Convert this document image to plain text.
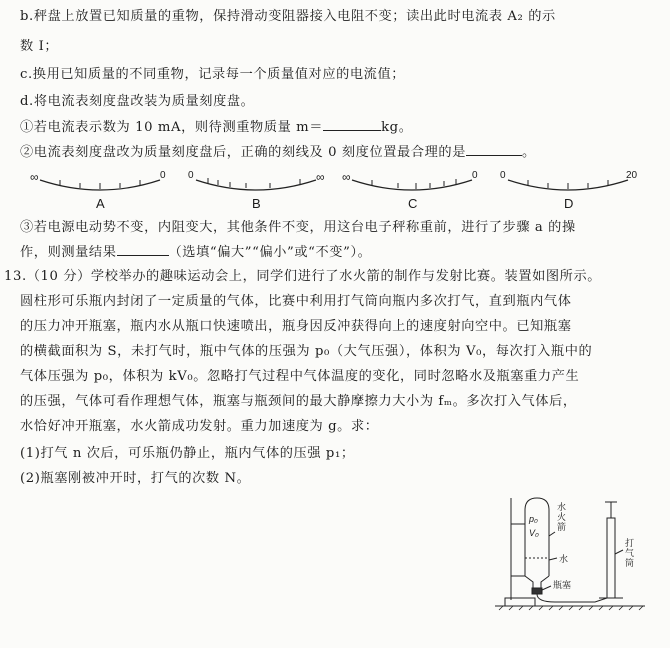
b.秤盘上放置已知质量的重物，保持滑动变阻器接入电阻不变；读出此时电流表 A₂ 的示
数 I；
c.换用已知质量的不同重物，记录每一个质量值对应的电流值；
d.将电流表刻度盘改装为质量刻度盘。
①若电流表示数为 10 mA，则待测重物质量 m＝	kg。
②电流表刻度盘改为质量刻度盘后，正确的刻线及 0 刻度位置最合理的是	。
∞	0
A
0	∞
B
∞	0
C
0	20
D
③若电源电动势不变，内阻变大，其他条件不变，用这台电子秤称重前，进行了步骤 a 的操
作，则测量结果	（选填“偏大”“偏小”或“不变”）。
13.（10 分）学校举办的趣味运动会上，同学们进行了水火箭的制作与发射比赛。装置如图所示。
圆柱形可乐瓶内封闭了一定质量的气体，比赛中利用打气筒向瓶内多次打气，直到瓶内气体
的压力冲开瓶塞，瓶内水从瓶口快速喷出，瓶身因反冲获得向上的速度射向空中。已知瓶塞
的横截面积为 S，未打气时，瓶中气体的压强为 p₀（大气压强），体积为 V₀，每次打入瓶中的
气体压强为 p₀，体积为 kV₀。忽略打气过程中气体温度的变化，同时忽略水及瓶塞重力产生
的压强，气体可看作理想气体，瓶塞与瓶颈间的最大静摩擦力大小为 fₘ。多次打入气体后，
水恰好冲开瓶塞，水火箭成功发射。重力加速度为 g。求：
(1)打气 n 次后，可乐瓶仍静止，瓶内气体的压强 p₁；
(2)瓶塞刚被冲开时，打气的次数 N。
p₀
V₀
水
火
箭
水
瓶塞
打
气
筒
